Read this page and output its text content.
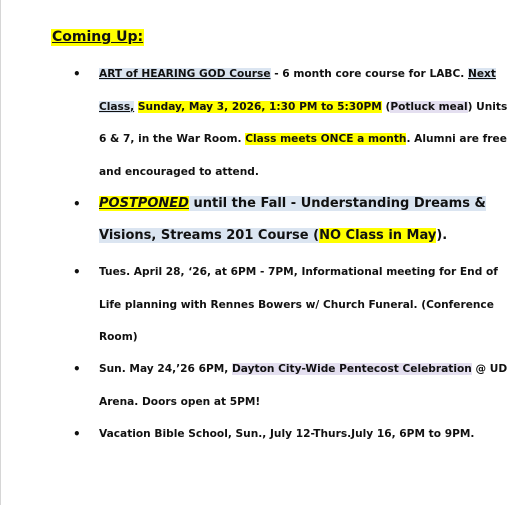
Coming Up:
• ART of HEARING GOD Course - 6 month core course for LABC. Next Class, Sunday, May 3, 2026, 1:30 PM to 5:30PM (Potluck meal) Units 6 & 7, in the War Room. Class meets ONCE a month. Alumni are free and encouraged to attend.
• POSTPONED until the Fall - Understanding Dreams & Visions, Streams 201 Course (NO Class in May).
• Tues. April 28, ‘26, at 6PM - 7PM, Informational meeting for End of Life planning with Rennes Bowers w/ Church Funeral. (Conference Room)
• Sun. May 24,’26 6PM, Dayton City-Wide Pentecost Celebration @ UD Arena. Doors open at 5PM!
• Vacation Bible School, Sun., July 12-Thurs.July 16, 6PM to 9PM.
